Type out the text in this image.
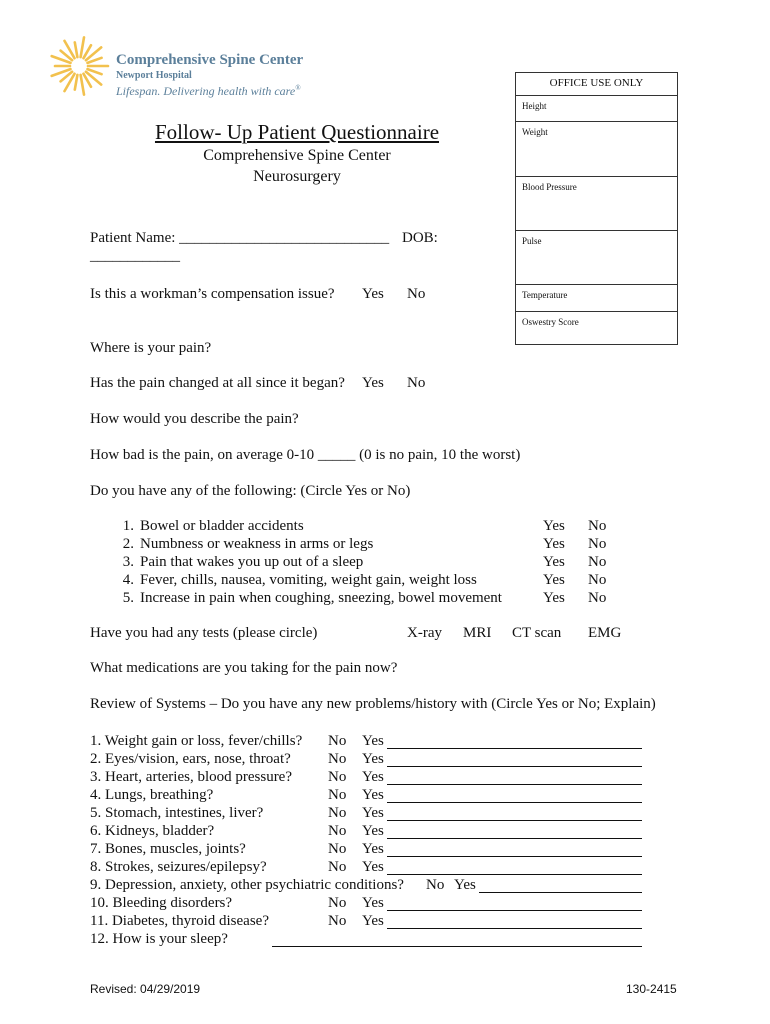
Comprehensive Spine Center
Newport Hospital
Lifespan. Delivering health with care®
Follow- Up Patient Questionnaire
Comprehensive Spine Center
Neurosurgery
OFFICE USE ONLY
Height
Weight
Blood Pressure
Pulse
Temperature
Oswestry Score
Patient Name: ____________________________ DOB:
____________
Is this a workman’s compensation issue? Yes No
Where is your pain?
Has the pain changed at all since it began? Yes No
How would you describe the pain?
How bad is the pain, on average 0-10 _____ (0 is no pain, 10 the worst)
Do you have any of the following: (Circle Yes or No)
1. Bowel or bladder accidents	Yes No
2. Numbness or weakness in arms or legs	Yes No
3. Pain that wakes you up out of a sleep	Yes No
4. Fever, chills, nausea, vomiting, weight gain, weight loss	Yes No
5. Increase in pain when coughing, sneezing, bowel movement	Yes No
Have you had any tests (please circle)	X-ray MRI CT scan EMG
What medications are you taking for the pain now?
Review of Systems – Do you have any new problems/history with (Circle Yes or No; Explain)
1. Weight gain or loss, fever/chills? No Yes
2. Eyes/vision, ears, nose, throat? No Yes
3. Heart, arteries, blood pressure? No Yes
4. Lungs, breathing?	No Yes
5. Stomach, intestines, liver?	No Yes
6. Kidneys, bladder?	No Yes
7. Bones, muscles, joints?	No Yes
8. Strokes, seizures/epilepsy?	No Yes
9. Depression, anxiety, other psychiatric conditions? No Yes
10. Bleeding disorders?	No Yes
11. Diabetes, thyroid disease?	No Yes
12. How is your sleep?
Revised: 04/29/2019	130-2415
